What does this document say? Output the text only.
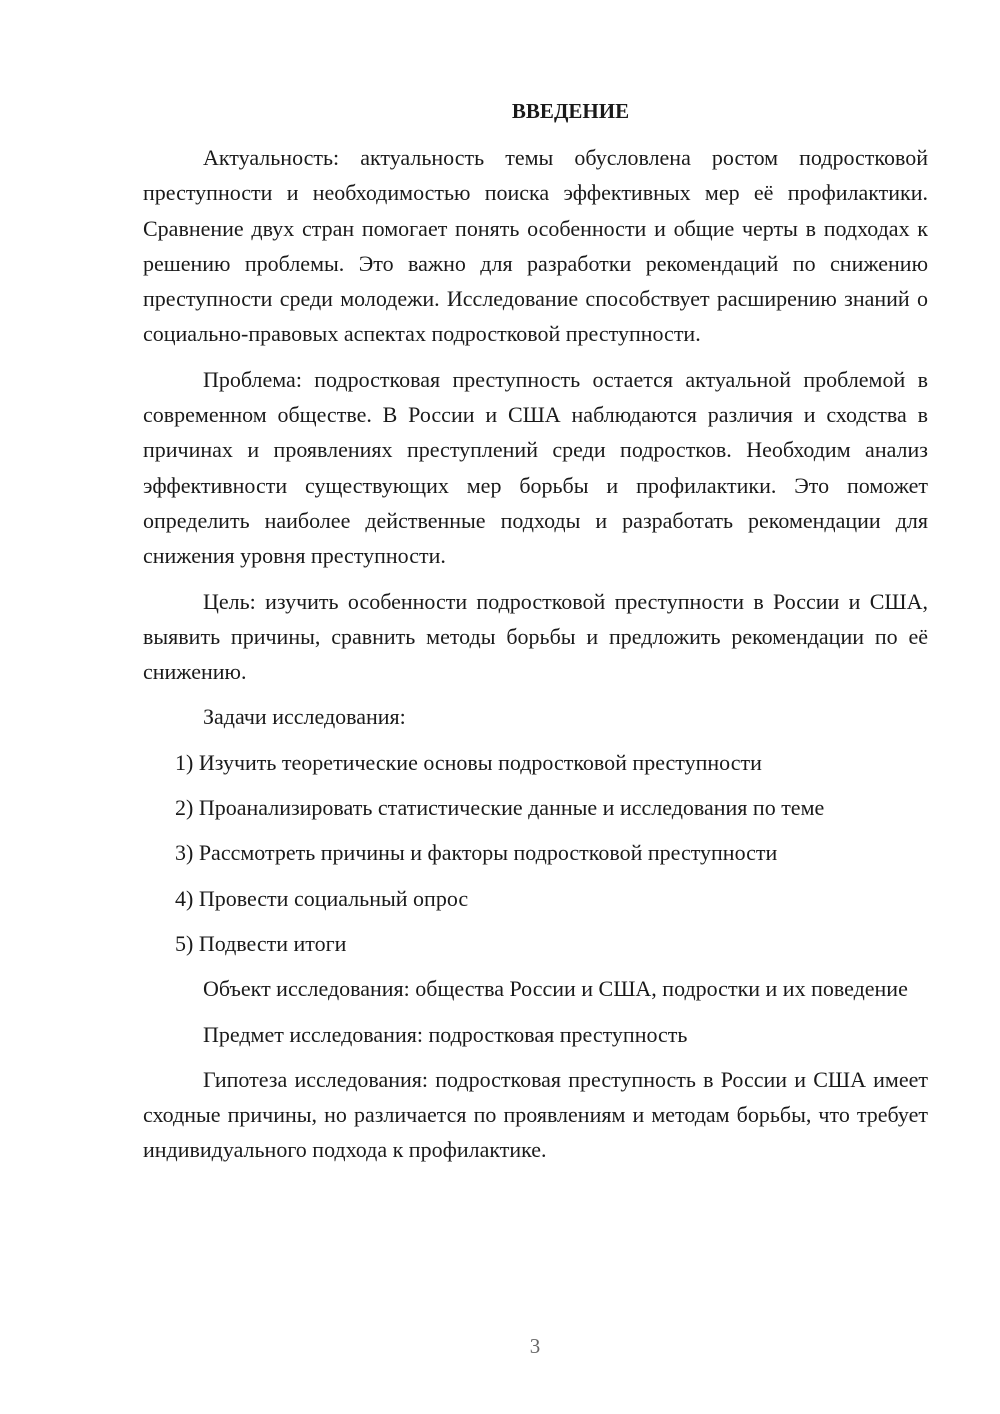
ВВЕДЕНИЕ

Актуальность: актуальность темы обусловлена ростом подростковой преступности и необходимостью поиска эффективных мер её профилактики. Сравнение двух стран помогает понять особенности и общие черты в подходах к решению проблемы. Это важно для разработки рекомендаций по снижению преступности среди молодежи. Исследование способствует расширению знаний о социально-правовых аспектах подростковой преступности.

Проблема: подростковая преступность остается актуальной проблемой в современном обществе. В России и США наблюдаются различия и сходства в причинах и проявлениях преступлений среди подростков. Необходим анализ эффективности существующих мер борьбы и профилактики. Это поможет определить наиболее действенные подходы и разработать рекомендации для снижения уровня преступности.

Цель: изучить особенности подростковой преступности в России и США, выявить причины, сравнить методы борьбы и предложить рекомендации по её снижению.

Задачи исследования:

1) Изучить теоретические основы подростковой преступности
2) Проанализировать статистические данные и исследования по теме
3) Рассмотреть причины и факторы подростковой преступности
4) Провести социальный опрос
5) Подвести итоги

Объект исследования: общества России и США, подростки и их поведение

Предмет исследования: подростковая преступность

Гипотеза исследования: подростковая преступность в России и США имеет сходные причины, но различается по проявлениям и методам борьбы, что требует индивидуального подхода к профилактике.

3
